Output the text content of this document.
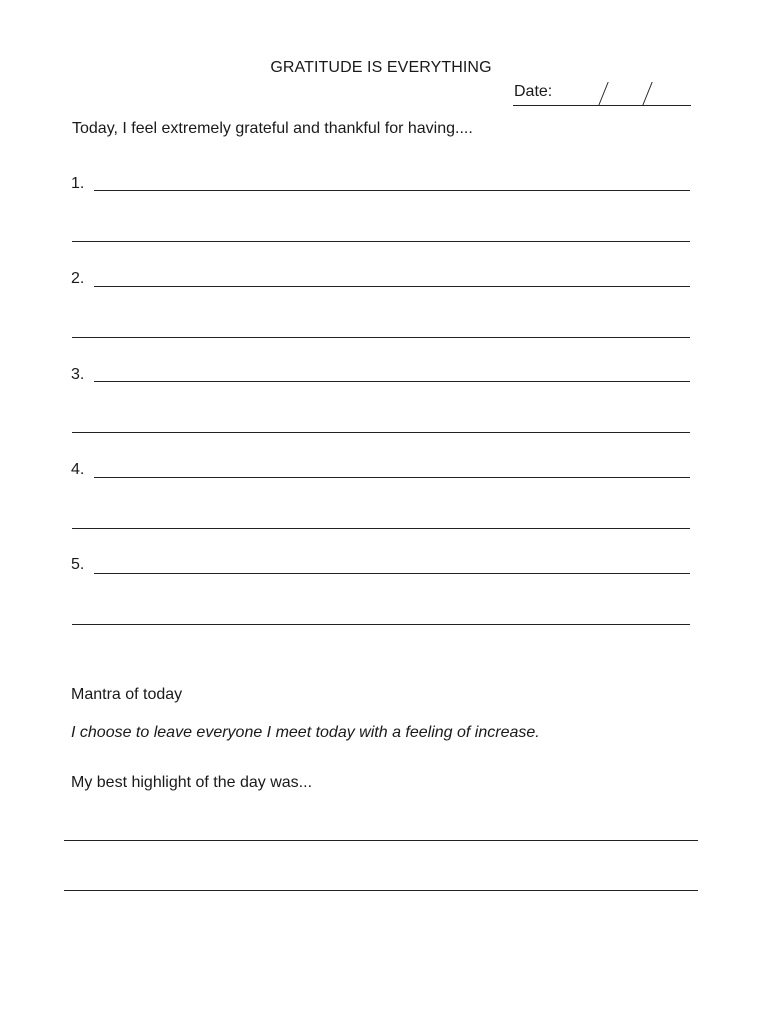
GRATITUDE IS EVERYTHING
Date:
Today, I feel extremely grateful and thankful for having....
1.
2.
3.
4.
5.
Mantra of today
I choose to leave everyone I meet today with a feeling of increase.
My best highlight of the day was...
